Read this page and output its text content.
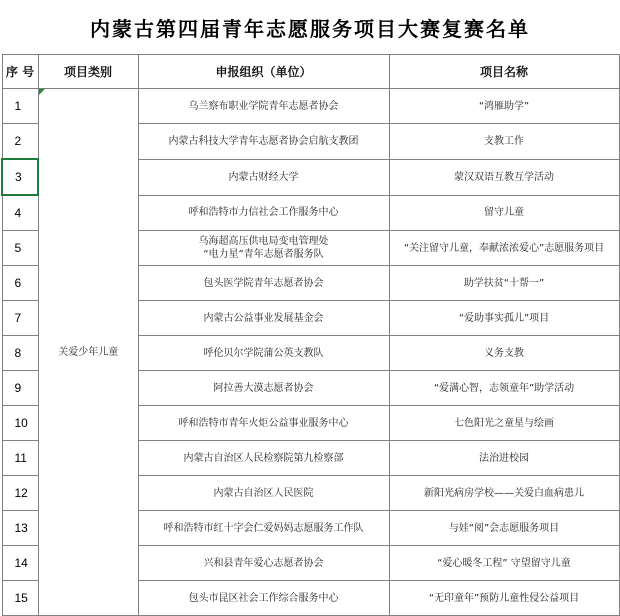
内蒙古第四届青年志愿服务项目大赛复赛名单
序 号	项目类别	申报组织（单位）	项目名称
1	关爱少年儿童	乌兰察布职业学院青年志愿者协会	“鸿雁助学”

2		内蒙古科技大学青年志愿者协会启航支教团	支教工作

3		内蒙古财经大学	蒙汉双语互教互学活动

4		呼和浩特市力信社会工作服务中心	留守儿童

5		乌海超高压供电局变电管理处
“电力星”青年志愿者服务队	“关注留守儿童，奉献浓浓爱心”志愿服务项目

6		包头医学院青年志愿者协会	助学扶贫“十帮一”

7		内蒙古公益事业发展基金会	“爱助事实孤儿”项目

8		呼伦贝尔学院蒲公英支教队	义务支教

9		阿拉善大漠志愿者协会	“爱满心智，志领童年”助学活动

10		呼和浩特市青年火炬公益事业服务中心	七色阳光之童星与绘画

11		内蒙古自治区人民检察院第九检察部	法治进校园

12		内蒙古自治区人民医院	新阳光病房学校——关爱白血病患儿

13		呼和浩特市红十字会仁爱妈妈志愿服务工作队	与娃“阅”会志愿服务项目

14		兴和县青年爱心志愿者协会	“爱心暖冬工程” 守望留守儿童

15		包头市昆区社会工作综合服务中心	“无印童年”预防儿童性侵公益项目
